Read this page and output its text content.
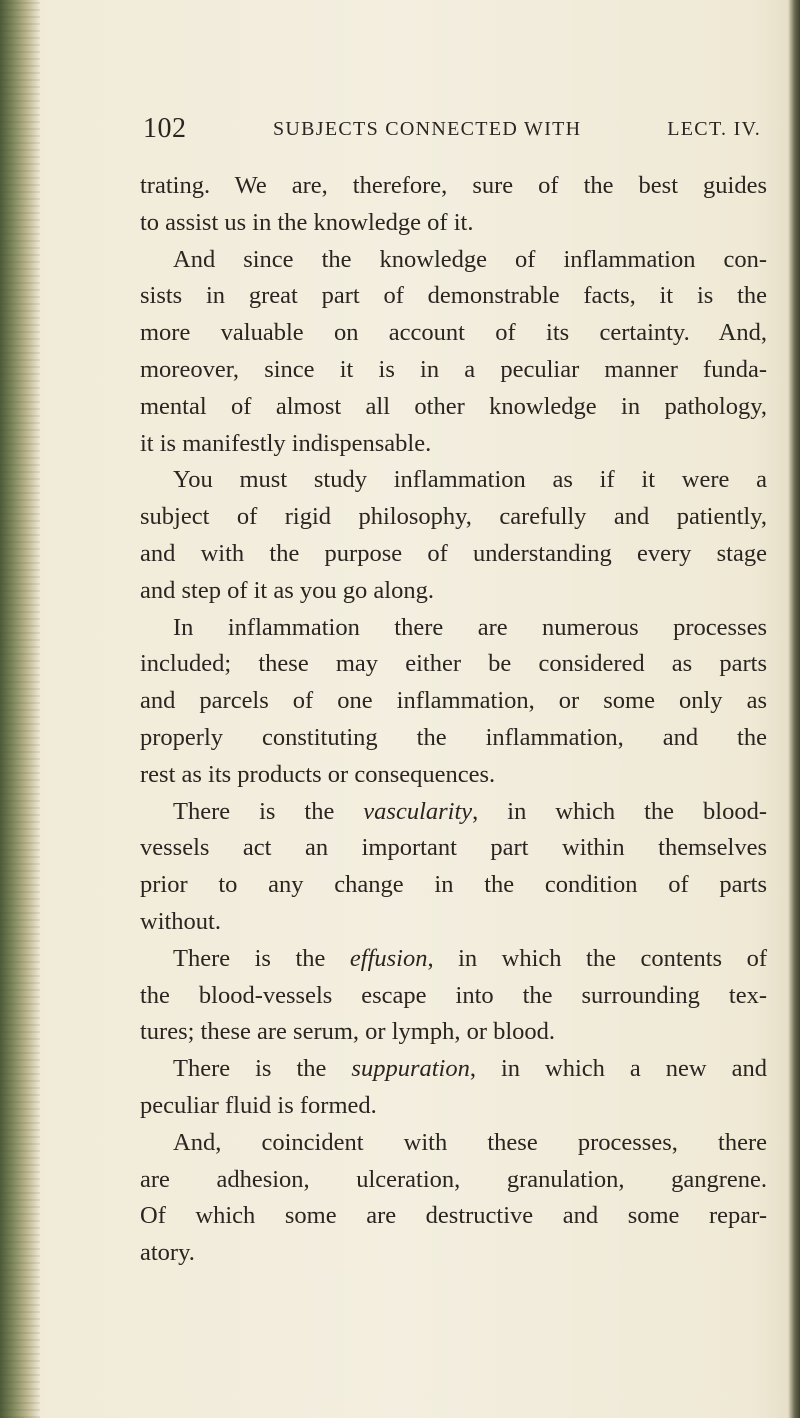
102	SUBJECTS CONNECTED WITH	LECT. IV.
trating. We are, therefore, sure of the best guides
to assist us in the knowledge of it.
And since the knowledge of inflammation con-
sists in great part of demonstrable facts, it is the
more valuable on account of its certainty. And,
moreover, since it is in a peculiar manner funda-
mental of almost all other knowledge in pathology,
it is manifestly indispensable.
You must study inflammation as if it were a
subject of rigid philosophy, carefully and patiently,
and with the purpose of understanding every stage
and step of it as you go along.
In inflammation there are numerous processes
included; these may either be considered as parts
and parcels of one inflammation, or some only as
properly constituting the inflammation, and the
rest as its products or consequences.
There is the vascularity, in which the blood-
vessels act an important part within themselves
prior to any change in the condition of parts
without.
There is the effusion, in which the contents of
the blood-vessels escape into the surrounding tex-
tures; these are serum, or lymph, or blood.
There is the suppuration, in which a new and
peculiar fluid is formed.
And, coincident with these processes, there
are adhesion, ulceration, granulation, gangrene.
Of which some are destructive and some repar-
atory.
